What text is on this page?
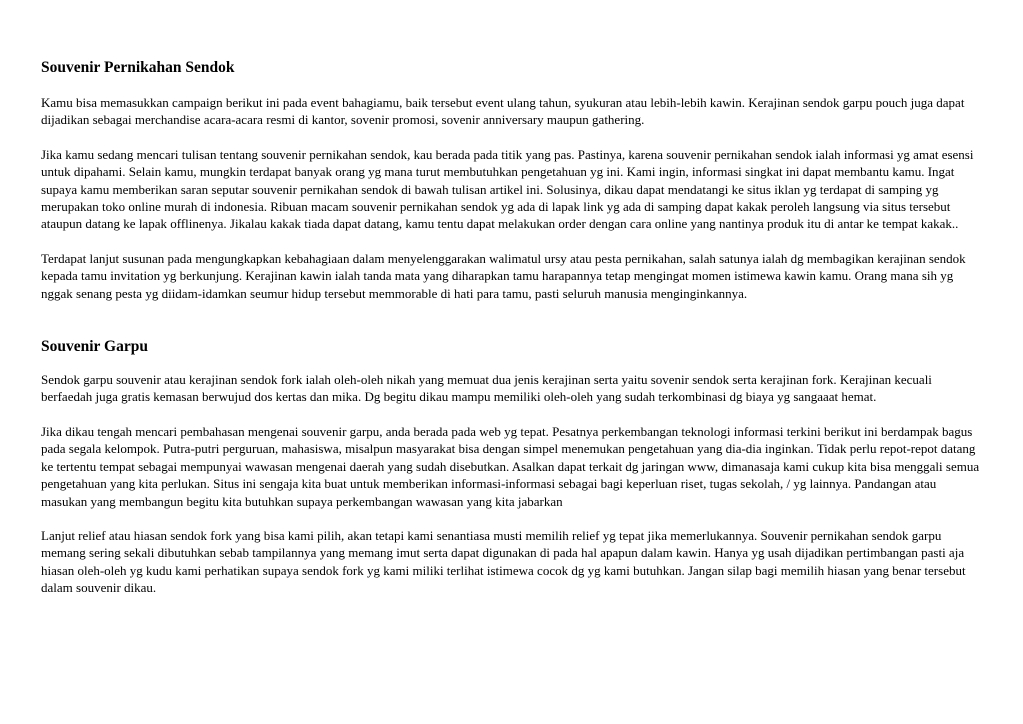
Souvenir Pernikahan Sendok

Kamu bisa memasukkan campaign berikut ini pada event bahagiamu, baik tersebut event ulang tahun, syukuran atau lebih-lebih kawin. Kerajinan sendok garpu pouch juga dapat dijadikan sebagai merchandise acara-acara resmi di kantor, sovenir promosi, sovenir anniversary maupun gathering.

Jika kamu sedang mencari tulisan tentang souvenir pernikahan sendok, kau berada pada titik yang pas. Pastinya, karena souvenir pernikahan sendok ialah informasi yg amat esensi untuk dipahami. Selain kamu, mungkin terdapat banyak orang yg mana turut membutuhkan pengetahuan yg ini. Kami ingin, informasi singkat ini dapat membantu kamu. Ingat supaya kamu memberikan saran seputar souvenir pernikahan sendok di bawah tulisan artikel ini. Solusinya, dikau dapat mendatangi ke situs iklan yg terdapat di samping yg merupakan toko online murah di indonesia. Ribuan macam souvenir pernikahan sendok yg ada di lapak link yg ada di samping dapat kakak peroleh langsung via situs tersebut ataupun datang ke lapak offlinenya. Jikalau kakak tiada dapat datang, kamu tentu dapat melakukan order dengan cara online yang nantinya produk itu di antar ke tempat kakak..

Terdapat lanjut susunan pada mengungkapkan kebahagiaan dalam menyelenggarakan walimatul ursy atau pesta pernikahan, salah satunya ialah dg membagikan kerajinan sendok kepada tamu invitation yg berkunjung. Kerajinan kawin ialah tanda mata yang diharapkan tamu harapannya tetap mengingat momen istimewa kawin kamu. Orang mana sih yg nggak senang pesta yg diidam-idamkan seumur hidup tersebut memmorable di hati para tamu, pasti seluruh manusia menginginkannya.

Souvenir Garpu

Sendok garpu souvenir atau kerajinan sendok fork ialah oleh-oleh nikah yang memuat dua jenis kerajinan serta yaitu sovenir sendok serta kerajinan fork. Kerajinan kecuali berfaedah juga gratis kemasan berwujud dos kertas dan mika. Dg begitu dikau mampu memiliki oleh-oleh yang sudah terkombinasi dg biaya yg sangaaat hemat.

Jika dikau tengah mencari pembahasan mengenai souvenir garpu, anda berada pada web yg tepat. Pesatnya perkembangan teknologi informasi terkini berikut ini berdampak bagus pada segala kelompok. Putra-putri perguruan, mahasiswa, misalpun masyarakat bisa dengan simpel menemukan pengetahuan yang dia-dia inginkan. Tidak perlu repot-repot datang ke tertentu tempat sebagai mempunyai wawasan mengenai daerah yang sudah disebutkan. Asalkan dapat terkait dg jaringan www, dimanasaja kami cukup kita bisa menggali semua pengetahuan yang kita perlukan. Situs ini sengaja kita buat untuk memberikan informasi-informasi sebagai bagi keperluan riset, tugas sekolah, / yg lainnya. Pandangan atau masukan yang membangun begitu kita butuhkan supaya perkembangan wawasan yang kita jabarkan

Lanjut relief atau hiasan sendok fork yang bisa kami pilih, akan tetapi kami senantiasa musti memilih relief yg tepat jika memerlukannya. Souvenir pernikahan sendok garpu memang sering sekali dibutuhkan sebab tampilannya yang memang imut serta dapat digunakan di pada hal apapun dalam kawin. Hanya yg usah dijadikan pertimbangan pasti aja hiasan oleh-oleh yg kudu kami perhatikan supaya sendok fork yg kami miliki terlihat istimewa cocok dg yg kami butuhkan. Jangan silap bagi memilih hiasan yang benar tersebut dalam souvenir dikau.
